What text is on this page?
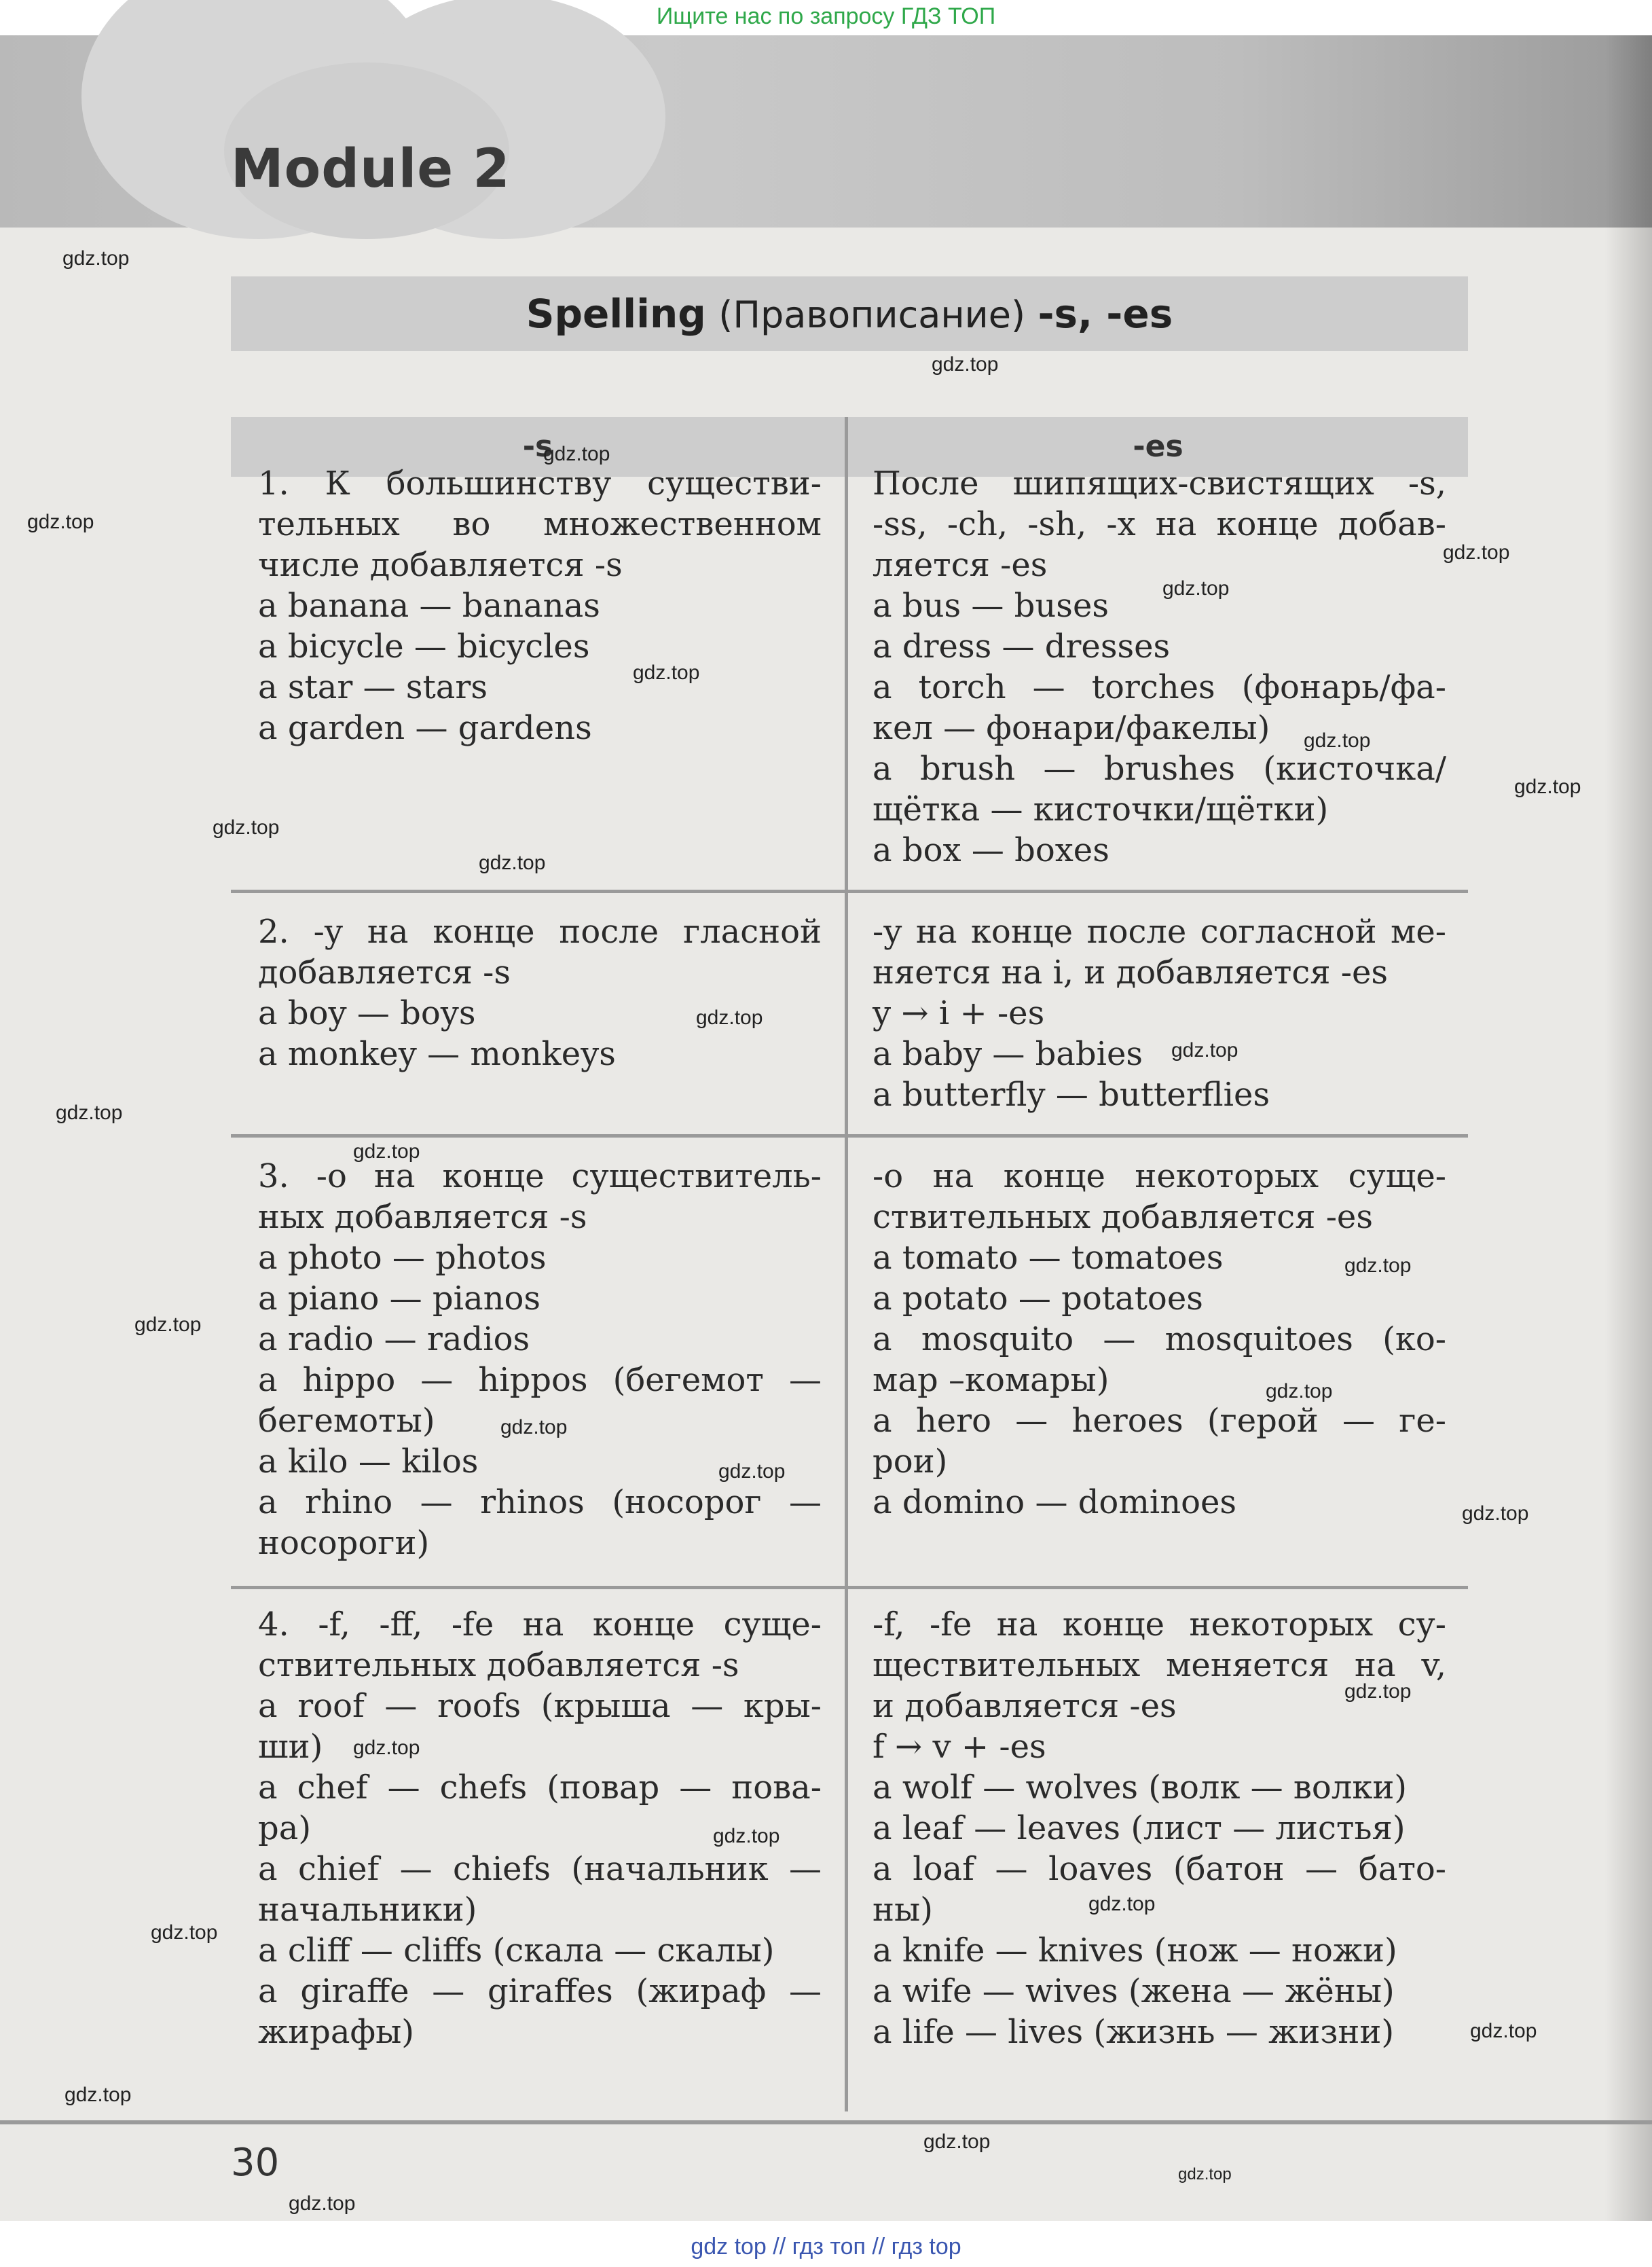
Ищите нас по запросу ГДЗ ТОП
Module 2
Spelling (Правописание) -s, -es
-s	-es
1. К большинству существи-
тельных во множественном
числе добавляется -s
a banana — bananas
a bicycle — bicycles
a star — stars
a garden — gardens
После шипящих-свистящих -s,
-ss, -ch, -sh, -x на конце добав-
ляется -es
a bus — buses
a dress — dresses
a torch — torches (фонарь/фа-
кел — фонари/факелы)
a brush — brushes (кисточка/
щётка — кисточки/щётки)
a box — boxes
2. -y на конце после гласной
добавляется -s
a boy — boys
a monkey — monkeys
-y на конце после согласной ме-
няется на i, и добавляется -es
y → i + -es
a baby — babies
a butterfly — butterflies
3. -o на конце существитель-
ных добавляется -s
a photo — photos
a piano — pianos
a radio — radios
a hippo — hippos (бегемот —
бегемоты)
a kilo — kilos
a rhino — rhinos (носорог —
носороги)
-o на конце некоторых суще-
ствительных добавляется -es
a tomato — tomatoes
a potato — potatoes
a mosquito — mosquitoes (ко-
мар –комары)
a hero — heroes (герой — ге-
рои)
a domino — dominoes
4. -f, -ff, -fe на конце суще-
ствительных добавляется -s
a roof — roofs (крыша — кры-
ши)
a chef — chefs (повар — пова-
ра)
a chief — chiefs (начальник —
начальники)
a cliff — cliffs (скала — скалы)
a giraffe — giraffes (жираф —
жирафы)
-f, -fe на конце некоторых су-
ществительных меняется на v,
и добавляется -es
f → v + -es
a wolf — wolves (волк — волки)
a leaf — leaves (лист — листья)
a loaf — loaves (батон — бато-
ны)
a knife — knives (нож — ножи)
a wife — wives (жена — жёны)
a life — lives (жизнь — жизни)
gdz.top
gdz.top
gdz.top
gdz.top
gdz.top
gdz.top
gdz.top
gdz.top
gdz.top
gdz.top
gdz.top
gdz.top
gdz.top
gdz.top
gdz.top
gdz.top
gdz.top
gdz.top
gdz.top
gdz.top
gdz.top
gdz.top
gdz.top
gdz.top
gdz.top
gdz.top
gdz.top
gdz.top
gdz.top
gdz.top
gdz.top
30
gdz top // гдз топ // гдз top
